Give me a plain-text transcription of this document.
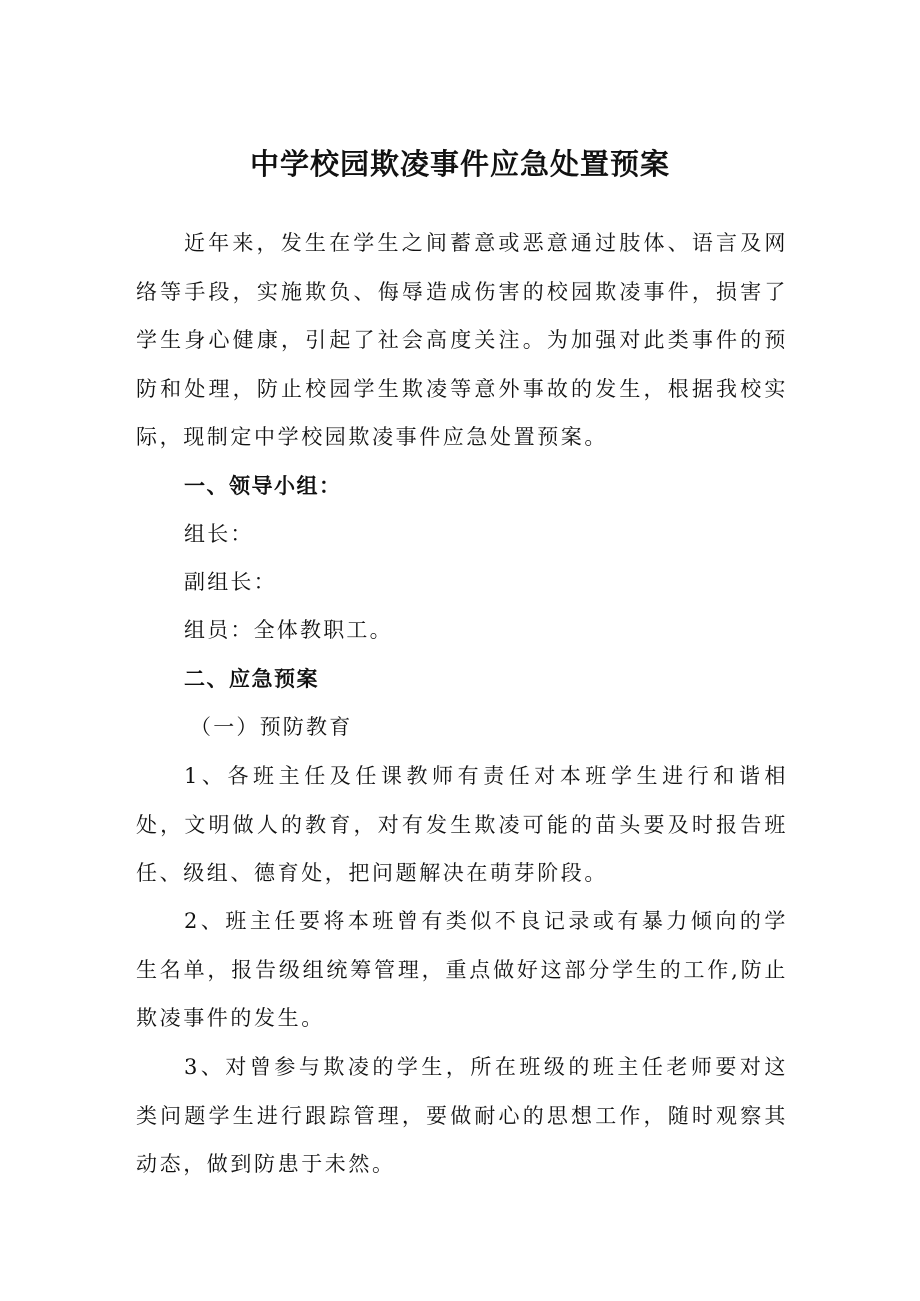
中学校园欺凌事件应急处置预案

近年来，发生在学生之间蓄意或恶意通过肢体、语言及网络等手段，实施欺负、侮辱造成伤害的校园欺凌事件，损害了学生身心健康，引起了社会高度关注。为加强对此类事件的预防和处理，防止校园学生欺凌等意外事故的发生，根据我校实际，现制定中学校园欺凌事件应急处置预案。

一、领导小组：

组长：

副组长：

组员：全体教职工。

二、应急预案

（一）预防教育

1、各班主任及任课教师有责任对本班学生进行和谐相处，文明做人的教育，对有发生欺凌可能的苗头要及时报告班任、级组、德育处，把问题解决在萌芽阶段。

2、班主任要将本班曾有类似不良记录或有暴力倾向的学生名单，报告级组统筹管理，重点做好这部分学生的工作,防止欺凌事件的发生。

3、对曾参与欺凌的学生，所在班级的班主任老师要对这类问题学生进行跟踪管理，要做耐心的思想工作，随时观察其动态，做到防患于未然。
